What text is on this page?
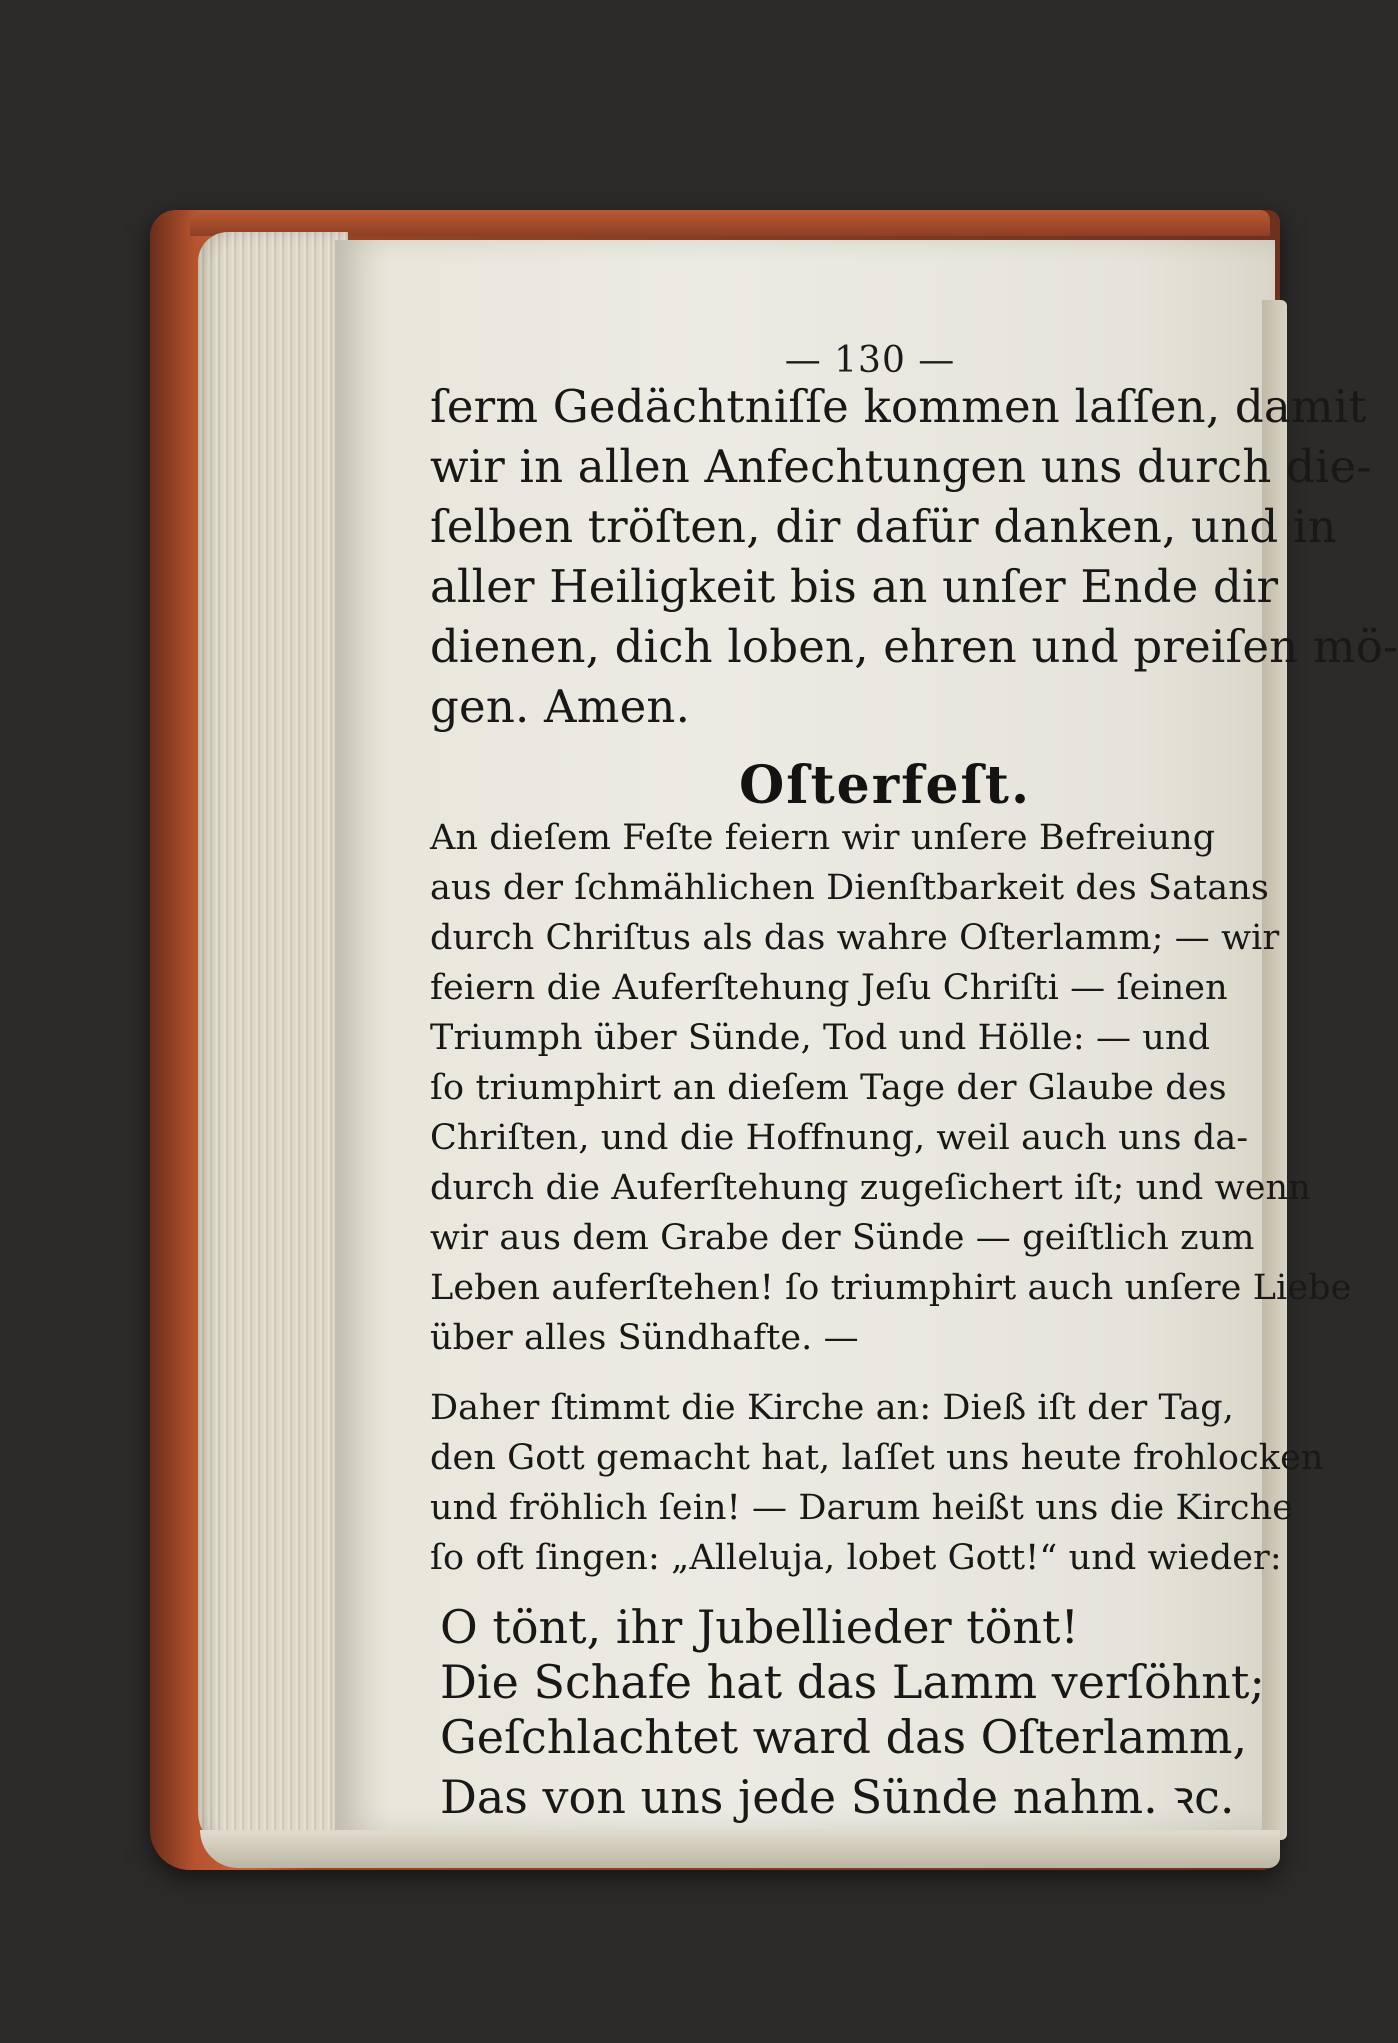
— 130 —
ſerm Gedächtniſſe kommen laſſen, damit
wir in allen Anfechtungen uns durch die-
ſelben tröſten, dir dafür danken, und in
aller Heiligkeit bis an unſer Ende dir
dienen, dich loben, ehren und preiſen mö-
Oſterfeſt.
An dieſem Feſte feiern wir unſere Befreiung
aus der ſchmählichen Dienſtbarkeit des Satans
durch Chriſtus als das wahre Oſterlamm; — wir
feiern die Auferſtehung Jeſu Chriſti — ſeinen
Triumph über Sünde, Tod und Hölle: — und
ſo triumphirt an dieſem Tage der Glaube des
Chriſten, und die Hoffnung, weil auch uns da-
durch die Auferſtehung zugeſichert iſt; und wenn
wir aus dem Grabe der Sünde — geiſtlich zum
Leben auferſtehen! ſo triumphirt auch unſere Liebe
über alles Sündhafte. —
Daher ſtimmt die Kirche an: Dieß iſt der Tag,
den Gott gemacht hat, laſſet uns heute frohlocken
und fröhlich ſein! — Darum heißt uns die Kirche
ſo oft ſingen: „Alleluja, lobet Gott!“ und wieder:
O tönt, ihr Jubellieder tönt!
Die Schafe hat das Lamm verſöhnt;
Geſchlachtet ward das Oſterlamm,
Das von uns jede Sünde nahm. ꝛc.
gen. Amen.
